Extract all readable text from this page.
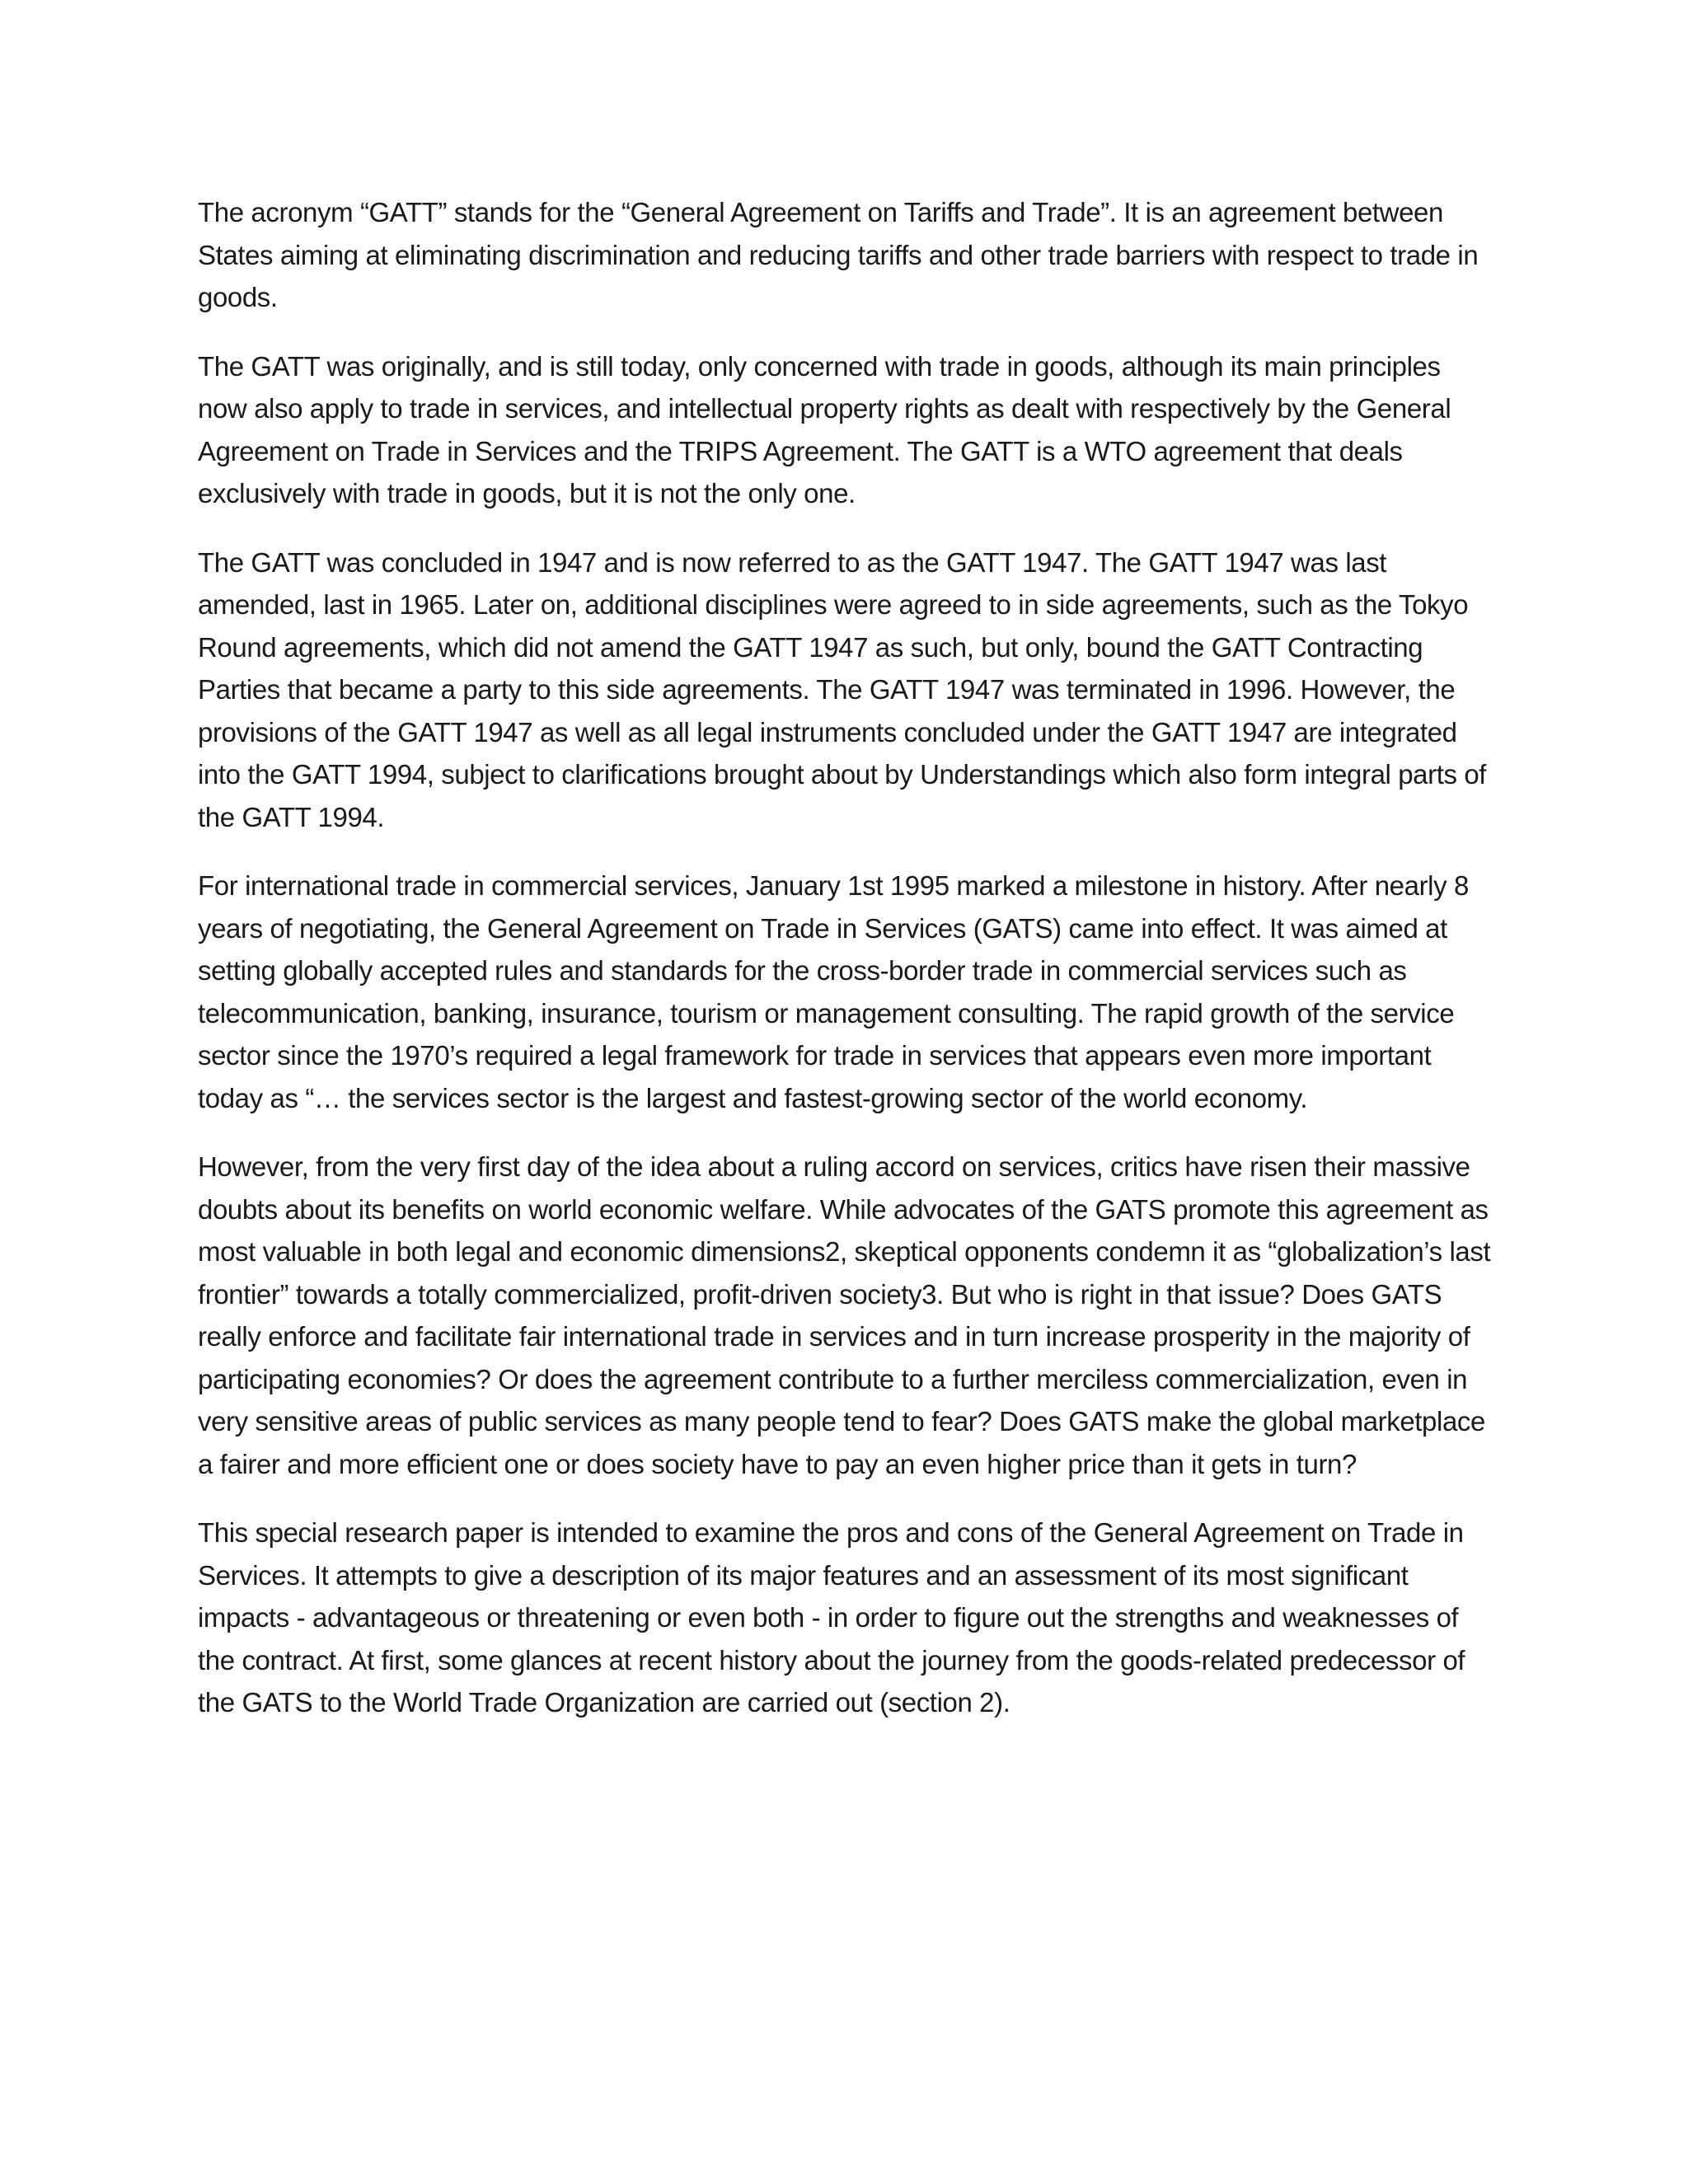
The acronym “GATT” stands for the “General Agreement on Tariffs and Trade”. It is an agreement between States aiming at eliminating discrimination and reducing tariffs and other trade barriers with respect to trade in goods.

The GATT was originally, and is still today, only concerned with trade in goods, although its main principles now also apply to trade in services, and intellectual property rights as dealt with respectively by the General Agreement on Trade in Services and the TRIPS Agreement. The GATT is a WTO agreement that deals exclusively with trade in goods, but it is not the only one.

The GATT was concluded in 1947 and is now referred to as the GATT 1947. The GATT 1947 was last amended, last in 1965. Later on, additional disciplines were agreed to in side agreements, such as the Tokyo Round agreements, which did not amend the GATT 1947 as such, but only, bound the GATT Contracting Parties that became a party to this side agreements. The GATT 1947 was terminated in 1996. However, the provisions of the GATT 1947 as well as all legal instruments concluded under the GATT 1947 are integrated into the GATT 1994, subject to clarifications brought about by Understandings which also form integral parts of the GATT 1994.

For international trade in commercial services, January 1st 1995 marked a milestone in history. After nearly 8 years of negotiating, the General Agreement on Trade in Services (GATS) came into effect. It was aimed at setting globally accepted rules and standards for the cross-border trade in commercial services such as telecommunication, banking, insurance, tourism or management consulting. The rapid growth of the service sector since the 1970’s required a legal framework for trade in services that appears even more important today as “… the services sector is the largest and fastest-growing sector of the world economy.

However, from the very first day of the idea about a ruling accord on services, critics have risen their massive doubts about its benefits on world economic welfare. While advocates of the GATS promote this agreement as most valuable in both legal and economic dimensions2, skeptical opponents condemn it as “globalization’s last frontier” towards a totally commercialized, profit-driven society3. But who is right in that issue? Does GATS really enforce and facilitate fair international trade in services and in turn increase prosperity in the majority of participating economies? Or does the agreement contribute to a further merciless commercialization, even in very sensitive areas of public services as many people tend to fear? Does GATS make the global marketplace a fairer and more efficient one or does society have to pay an even higher price than it gets in turn?

This special research paper is intended to examine the pros and cons of the General Agreement on Trade in Services. It attempts to give a description of its major features and an assessment of its most significant impacts - advantageous or threatening or even both - in order to figure out the strengths and weaknesses of the contract. At first, some glances at recent history about the journey from the goods-related predecessor of the GATS to the World Trade Organization are carried out (section 2).
